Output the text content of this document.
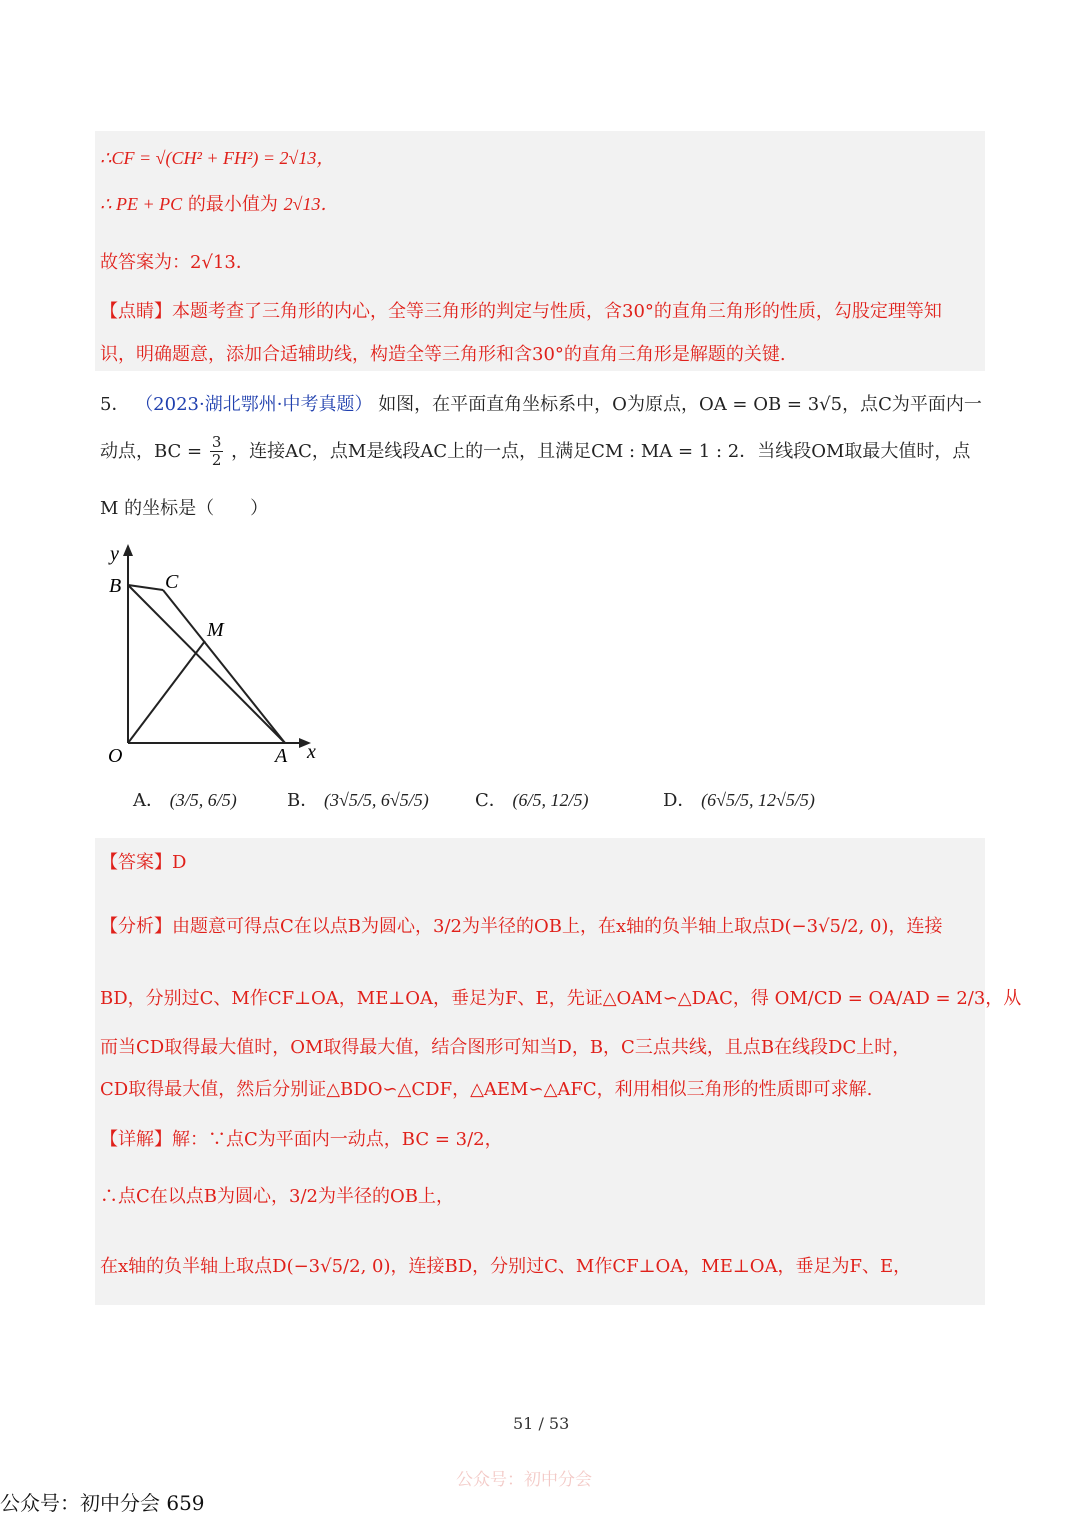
∴CF = √(CH² + FH²) = 2√13，
∴ PE + PC 的最小值为 2√13．
故答案为：2√13．
【点睛】本题考查了三角形的内心，全等三角形的判定与性质，含30°的直角三角形的性质，勾股定理等知
识，明确题意，添加合适辅助线，构造全等三角形和含30°的直角三角形是解题的关键.
5． （2023·湖北鄂州·中考真题） 如图，在平面直角坐标系中，O为原点，OA = OB = 3√5，点C为平面内一
动点，BC = $\frac{3}{2}$ ，连接AC，点M是线段AC上的一点，且满足CM : MA = 1 : 2．当线段OM取最大值时，点
M 的坐标是（　　）
y
B C
M
O	A x
A． (3/5, 6/5)	B． (3√5/5, 6√5/5)	C． (6/5, 12/5)	D． (6√5/5, 12√5/5)
【答案】D
【分析】由题意可得点C在以点B为圆心，3/2为半径的OB上，在x轴的负半轴上取点D(−3√5/2, 0)，连接
BD，分别过C、M作CF⊥OA，ME⊥OA，垂足为F、E，先证△OAM∽△DAC，得 OM/CD = OA/AD = 2/3，从
而当CD取得最大值时，OM取得最大值，结合图形可知当D，B，C三点共线，且点B在线段DC上时，
CD取得最大值，然后分别证△BDO∽△CDF，△AEM∽△AFC，利用相似三角形的性质即可求解.
【详解】解：∵点C为平面内一动点，BC = 3/2，
∴点C在以点B为圆心，3/2为半径的OB上，
在x轴的负半轴上取点D(−3√5/2, 0)，连接BD，分别过C、M作CF⊥OA，ME⊥OA，垂足为F、E，
51 / 53
公众号：初中分会
公众号：初中分会 659
